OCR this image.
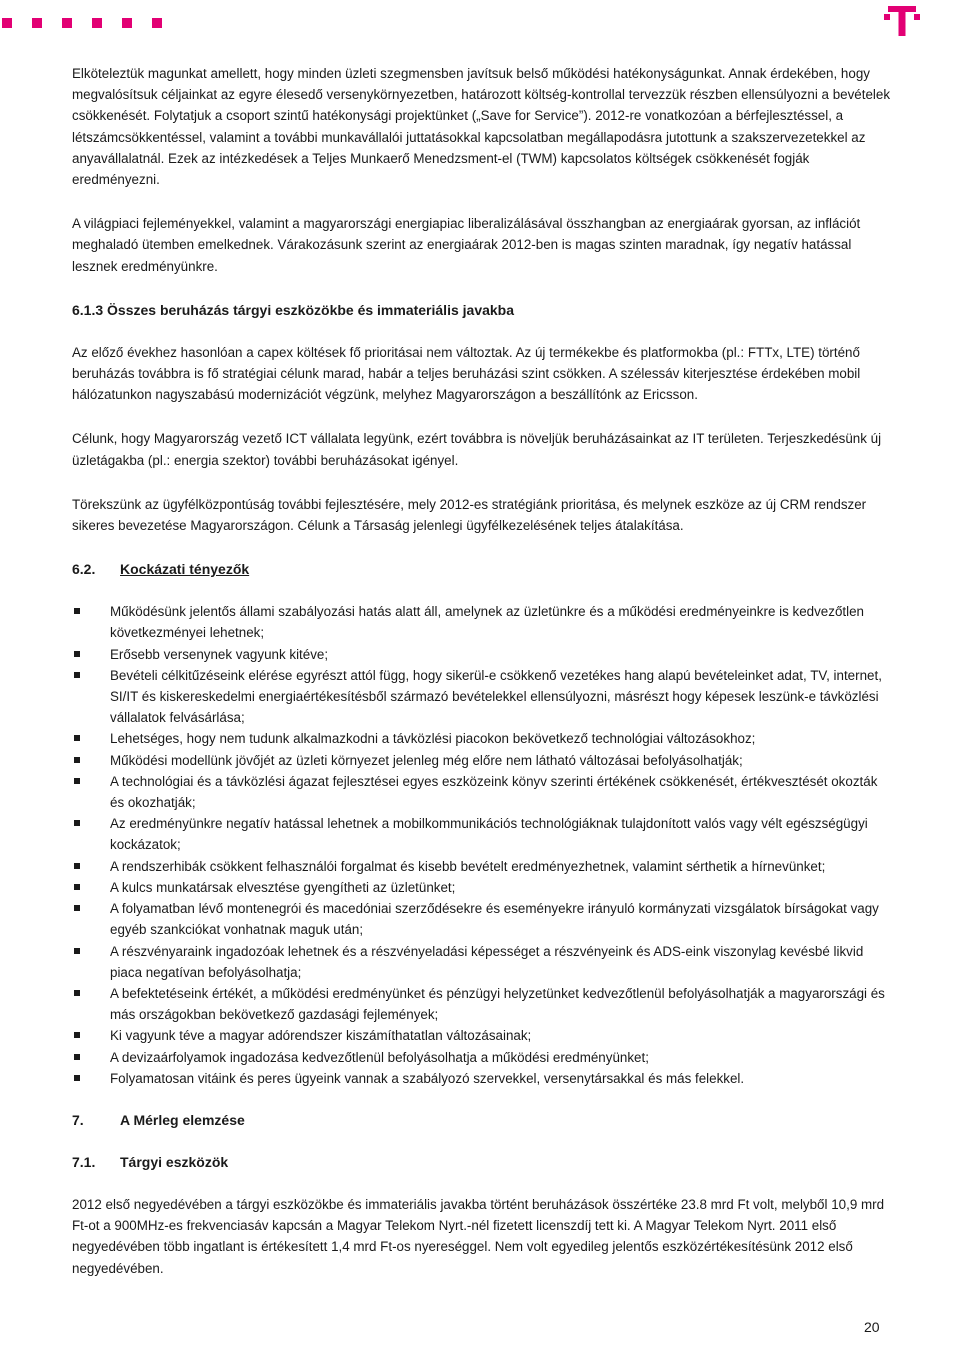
Elköteleztük magunkat amellett, hogy minden üzleti szegmensben javítsuk belső működési hatékonyságunkat. Annak érdekében, hogy megvalósítsuk céljainkat az egyre élesedő versenykörnyezetben, határozott költség-kontrollal tervezzük részben ellensúlyozni a bevételek csökkenését. Folytatjuk a csoport szintű hatékonysági projektünket („Save for Service”). 2012-re vonatkozóan a bérfejlesztéssel, a létszámcsökkentéssel, valamint a további munkavállalói juttatásokkal kapcsolatban megállapodásra jutottunk a szakszervezetekkel az anyavállalatnál. Ezek az intézkedések a Teljes Munkaerő Menedzsment-el (TWM) kapcsolatos költségek csökkenését fogják eredményezni.

A világpiaci fejleményekkel, valamint a magyarországi energiapiac liberalizálásával összhangban az energiaárak gyorsan, az inflációt meghaladó ütemben emelkednek. Várakozásunk szerint az energiaárak 2012-ben is magas szinten maradnak, így negatív hatással lesznek eredményünkre.

6.1.3 Összes beruházás tárgyi eszközökbe és immateriális javakba

Az előző évekhez hasonlóan a capex költések fő prioritásai nem változtak. Az új termékekbe és platformokba (pl.: FTTx, LTE) történő beruházás továbbra is fő stratégiai célunk marad, habár a teljes beruházási szint csökken. A szélessáv kiterjesztése érdekében mobil hálózatunkon nagyszabású modernizációt végzünk, melyhez Magyarországon a beszállítónk az Ericsson.

Célunk, hogy Magyarország vezető ICT vállalata legyünk, ezért továbbra is növeljük beruházásainkat az IT területen. Terjeszkedésünk új üzletágakba (pl.: energia szektor) további beruházásokat igényel.

Törekszünk az ügyfélközpontúság további fejlesztésére, mely 2012-es stratégiánk prioritása, és melynek eszköze az új CRM rendszer sikeres bevezetése Magyarországon. Célunk a Társaság jelenlegi ügyfélkezelésének teljes átalakítása.

6.2.	Kockázati tényezők
Működésünk jelentős állami szabályozási hatás alatt áll, amelynek az üzletünkre és a működési eredményeinkre is kedvezőtlen következményei lehetnek;
Erősebb versenynek vagyunk kitéve;
Bevételi célkitűzéseink elérése egyrészt attól függ, hogy sikerül-e csökkenő vezetékes hang alapú bevételeinket adat, TV, internet, SI/IT és kiskereskedelmi energiaértékesítésből származó bevételekkel ellensúlyozni, másrészt hogy képesek leszünk-e távközlési vállalatok felvásárlása;
Lehetséges, hogy nem tudunk alkalmazkodni a távközlési piacokon bekövetkező technológiai változásokhoz;
Működési modellünk jövőjét az üzleti környezet jelenleg még előre nem látható változásai befolyásolhatják;
A technológiai és a távközlési ágazat fejlesztései egyes eszközeink könyv szerinti értékének csökkenését, értékvesztését okozták és okozhatják;
Az eredményünkre negatív hatással lehetnek a mobilkommunikációs technológiáknak tulajdonított valós vagy vélt egészségügyi kockázatok;
A rendszerhibák csökkent felhasználói forgalmat és kisebb bevételt eredményezhetnek, valamint sérthetik a hírnevünket;
A kulcs munkatársak elvesztése gyengítheti az üzletünket;
A folyamatban lévő montenegrói és macedóniai szerződésekre és eseményekre irányuló kormányzati vizsgálatok bírságokat vagy egyéb szankciókat vonhatnak maguk után;
A részvényaraink ingadozóak lehetnek és a részvényeladási képességet a részvényeink és ADS-eink viszonylag kevésbé likvid piaca negatívan befolyásolhatja;
A befektetéseink értékét, a működési eredményünket és pénzügyi helyzetünket kedvezőtlenül befolyásolhatják a magyarországi és más országokban bekövetkező gazdasági fejlemények;
Ki vagyunk téve a magyar adórendszer kiszámíthatatlan változásainak;
A devizaárfolyamok ingadozása kedvezőtlenül befolyásolhatja a működési eredményünket;
Folyamatosan vitáink és peres ügyeink vannak a szabályozó szervekkel, versenytársakkal és más felekkel.
7.	A Mérleg elemzése
7.1.	Tárgyi eszközök

2012 első negyedévében a tárgyi eszközökbe és immateriális javakba történt beruházások összértéke 23.8 mrd Ft volt, melyből 10,9 mrd Ft-ot a 900MHz-es frekvenciasáv kapcsán a Magyar Telekom Nyrt.-nél fizetett licenszdíj tett ki. A Magyar Telekom Nyrt. 2011 első negyedévében több ingatlant is értékesített 1,4 mrd Ft-os nyereséggel. Nem volt egyedileg jelentős eszközértékesítésünk 2012 első negyedévében.

20
